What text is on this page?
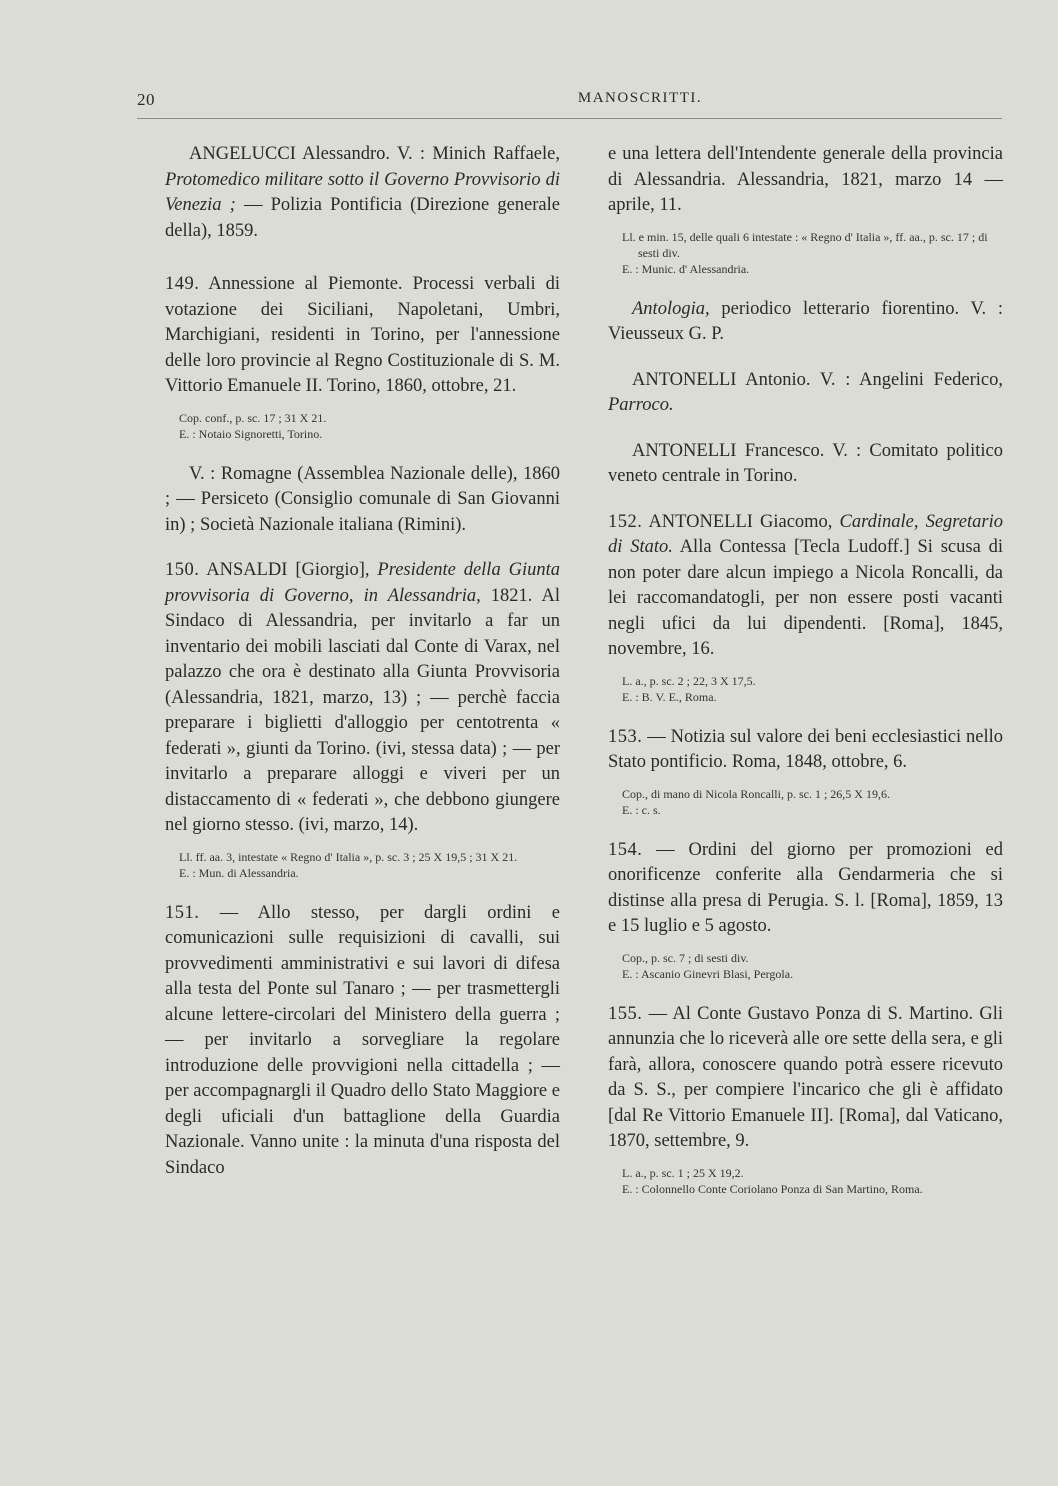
20	MANOSCRITTI.

ANGELUCCI Alessandro. V. : Minich Raffaele, Protomedico militare sotto il Governo Provvisorio di Venezia ; — Polizia Pontificia (Direzione generale della), 1859.

149. Annessione al Piemonte. Processi verbali di votazione dei Siciliani, Napoletani, Umbri, Marchigiani, residenti in Torino, per l'annessione delle loro provincie al Regno Costituzionale di S. M. Vittorio Emanuele II. Torino, 1860, ottobre, 21.

Cop. conf., p. sc. 17 ; 31 X 21.

E. : Notaio Signoretti, Torino.

V. : Romagne (Assemblea Nazionale delle), 1860 ; — Persiceto (Consiglio comunale di San Giovanni in) ; Società Nazionale italiana (Rimini).

150. ANSALDI [Giorgio], Presidente della Giunta provvisoria di Governo, in Alessandria, 1821. Al Sindaco di Alessandria, per invitarlo a far un inventario dei mobili lasciati dal Conte di Varax, nel palazzo che ora è destinato alla Giunta Provvisoria (Alessandria, 1821, marzo, 13) ; — perchè faccia preparare i biglietti d'alloggio per centotrenta « federati », giunti da Torino. (ivi, stessa data) ; — per invitarlo a preparare alloggi e viveri per un distaccamento di « federati », che debbono giungere nel giorno stesso. (ivi, marzo, 14).

Ll. ff. aa. 3, intestate « Regno d' Italia », p. sc. 3 ; 25 X 19,5 ; 31 X 21.

E. : Mun. di Alessandria.

151. — Allo stesso, per dargli ordini e comunicazioni sulle requisizioni di cavalli, sui provvedimenti amministrativi e sui lavori di difesa alla testa del Ponte sul Tanaro ; — per trasmettergli alcune lettere-circolari del Ministero della guerra ; — per invitarlo a sorvegliare la regolare introduzione delle provvigioni nella cittadella ; — per accompagnargli il Quadro dello Stato Maggiore e degli uficiali d'un battaglione della Guardia Nazionale. Vanno unite : la minuta d'una risposta del Sindaco

e una lettera dell'Intendente generale della provincia di Alessandria. Alessandria, 1821, marzo 14 — aprile, 11.

Ll. e min. 15, delle quali 6 intestate : « Regno d' Italia », ff. aa., p. sc. 17 ; di sesti div.

E. : Munic. d' Alessandria.

Antologia, periodico letterario fiorentino. V. : Vieusseux G. P.

ANTONELLI Antonio. V. : Angelini Federico, Parroco.

ANTONELLI Francesco. V. : Comitato politico veneto centrale in Torino.

152. ANTONELLI Giacomo, Cardinale, Segretario di Stato. Alla Contessa [Tecla Ludoff.] Si scusa di non poter dare alcun impiego a Nicola Roncalli, da lei raccomandatogli, per non essere posti vacanti negli ufici da lui dipendenti. [Roma], 1845, novembre, 16.

L. a., p. sc. 2 ; 22, 3 X 17,5.

E. : B. V. E., Roma.

153. — Notizia sul valore dei beni ecclesiastici nello Stato pontificio. Roma, 1848, ottobre, 6.

Cop., di mano di Nicola Roncalli, p. sc. 1 ; 26,5 X 19,6.

E. : c. s.

154. — Ordini del giorno per promozioni ed onorificenze conferite alla Gendarmeria che si distinse alla presa di Perugia. S. l. [Roma], 1859, 13 e 15 luglio e 5 agosto.

Cop., p. sc. 7 ; di sesti div.

E. : Ascanio Ginevri Blasi, Pergola.

155. — Al Conte Gustavo Ponza di S. Martino. Gli annunzia che lo riceverà alle ore sette della sera, e gli farà, allora, conoscere quando potrà essere ricevuto da S. S., per compiere l'incarico che gli è affidato [dal Re Vittorio Emanuele II]. [Roma], dal Vaticano, 1870, settembre, 9.

L. a., p. sc. 1 ; 25 X 19,2.

E. : Colonnello Conte Coriolano Ponza di San Martino, Roma.
